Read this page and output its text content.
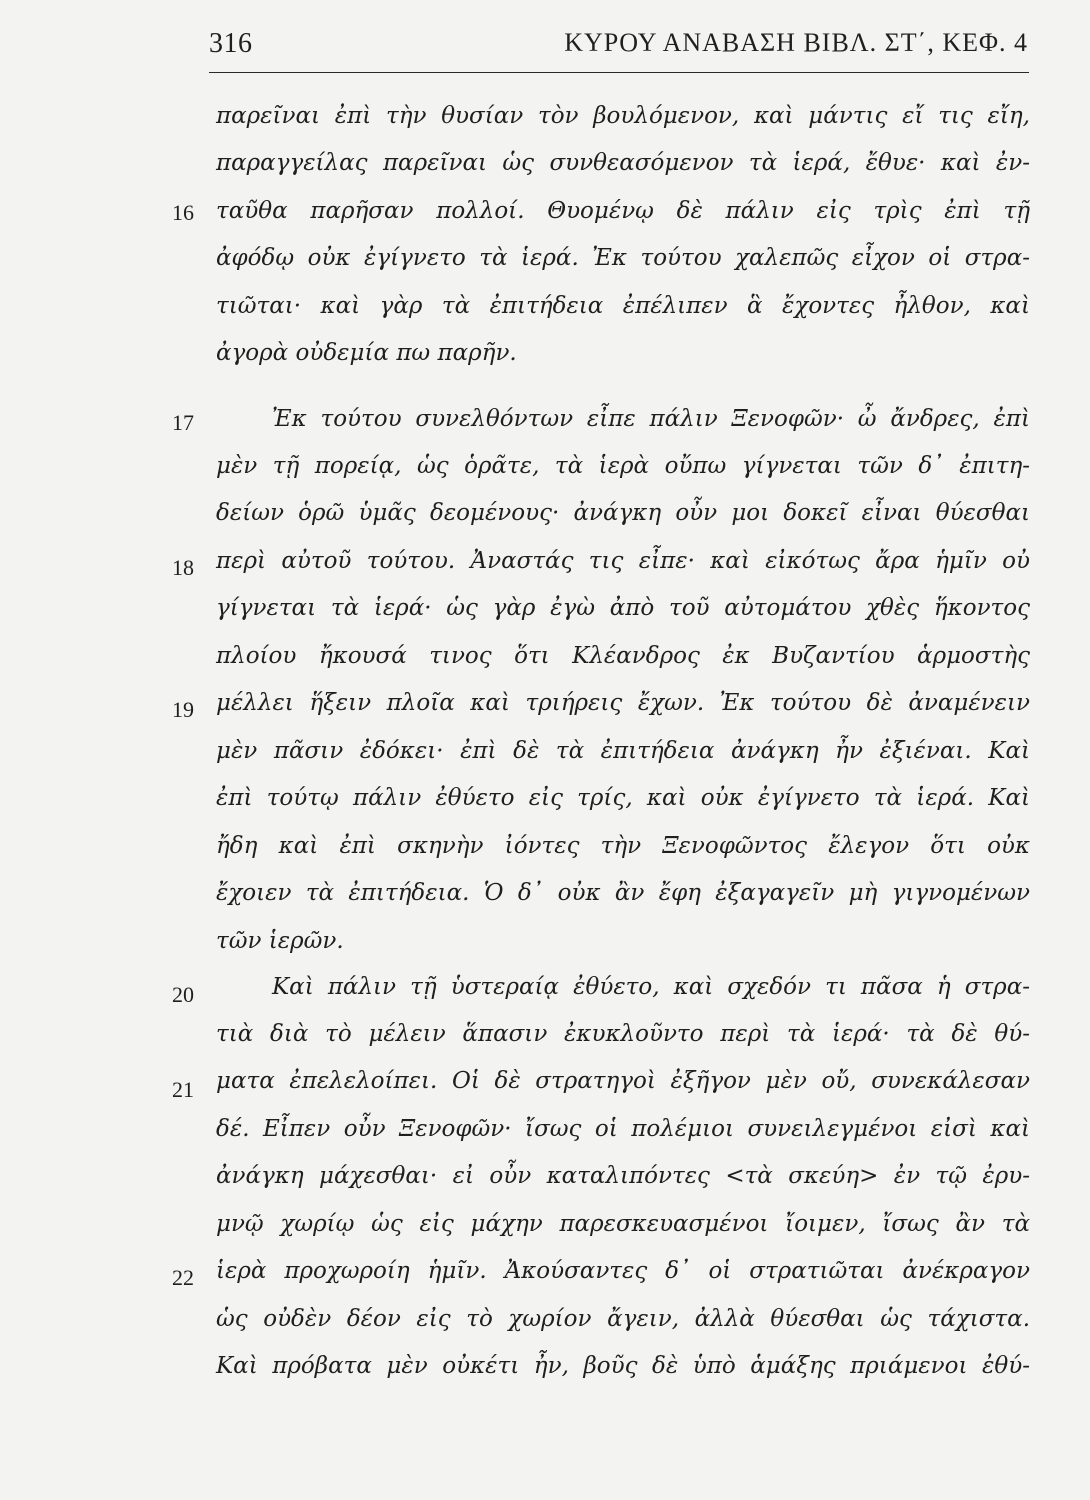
316	ΚΥΡΟΥ ΑΝΑΒΑΣΗ ΒΙΒΛ. ΣΤ΄, ΚΕΦ. 4
παρεῖναι ἐπὶ τὴν θυσίαν τὸν βουλόμενον, καὶ μάντις εἴ τις εἴη,
παραγγείλας παρεῖναι ὡς συνθεασόμενον τὰ ἱερά, ἔθυε· καὶ ἐν-
ταῦθα παρῆσαν πολλοί. Θυομένῳ δὲ πάλιν εἰς τρὶς ἐπὶ τῇ
ἀφόδῳ οὐκ ἐγίγνετο τὰ ἱερά. Ἐκ τούτου χαλεπῶς εἶχον οἱ στρα-
τιῶται· καὶ γὰρ τὰ ἐπιτήδεια ἐπέλιπεν ἃ ἔχοντες ἦλθον, καὶ
ἀγορὰ οὐδεμία πω παρῆν.
Ἐκ τούτου συνελθόντων εἶπε πάλιν Ξενοφῶν· ὦ ἄνδρες, ἐπὶ
μὲν τῇ πορείᾳ, ὡς ὁρᾶτε, τὰ ἱερὰ οὔπω γίγνεται τῶν δ᾽ ἐπιτη-
δείων ὁρῶ ὑμᾶς δεομένους· ἀνάγκη οὖν μοι δοκεῖ εἶναι θύεσθαι
περὶ αὐτοῦ τούτου. Ἀναστάς τις εἶπε· καὶ εἰκότως ἄρα ἡμῖν οὐ
γίγνεται τὰ ἱερά· ὡς γὰρ ἐγὼ ἀπὸ τοῦ αὐτομάτου χθὲς ἥκοντος
πλοίου ἤκουσά τινος ὅτι Κλέανδρος ἐκ Βυζαντίου ἁρμοστὴς
μέλλει ἥξειν πλοῖα καὶ τριήρεις ἔχων. Ἐκ τούτου δὲ ἀναμένειν
μὲν πᾶσιν ἐδόκει· ἐπὶ δὲ τὰ ἐπιτήδεια ἀνάγκη ἦν ἐξιέναι. Καὶ
ἐπὶ τούτῳ πάλιν ἐθύετο εἰς τρίς, καὶ οὐκ ἐγίγνετο τὰ ἱερά. Καὶ
ἤδη καὶ ἐπὶ σκηνὴν ἰόντες τὴν Ξενοφῶντος ἔλεγον ὅτι οὐκ
ἔχοιεν τὰ ἐπιτήδεια. Ὁ δ᾽ οὐκ ἂν ἔφη ἐξαγαγεῖν μὴ γιγνομένων
τῶν ἱερῶν.
Καὶ πάλιν τῇ ὑστεραίᾳ ἐθύετο, καὶ σχεδόν τι πᾶσα ἡ στρα-
τιὰ διὰ τὸ μέλειν ἅπασιν ἐκυκλοῦντο περὶ τὰ ἱερά· τὰ δὲ θύ-
ματα ἐπελελοίπει. Οἱ δὲ στρατηγοὶ ἐξῆγον μὲν οὔ, συνεκάλεσαν
δέ. Εἶπεν οὖν Ξενοφῶν· ἴσως οἱ πολέμιοι συνειλεγμένοι εἰσὶ καὶ
ἀνάγκη μάχεσθαι· εἰ οὖν καταλιπόντες <τὰ σκεύη> ἐν τῷ ἐρυ-
μνῷ χωρίῳ ὡς εἰς μάχην παρεσκευασμένοι ἴοιμεν, ἴσως ἂν τὰ
ἱερὰ προχωροίη ἡμῖν. Ἀκούσαντες δ᾽ οἱ στρατιῶται ἀνέκραγον
ὡς οὐδὲν δέον εἰς τὸ χωρίον ἄγειν, ἀλλὰ θύεσθαι ὡς τάχιστα.
Καὶ πρόβατα μὲν οὐκέτι ἦν, βοῦς δὲ ὑπὸ ἁμάξης πριάμενοι ἐθύ-
16
17
18
19
20
21
22
